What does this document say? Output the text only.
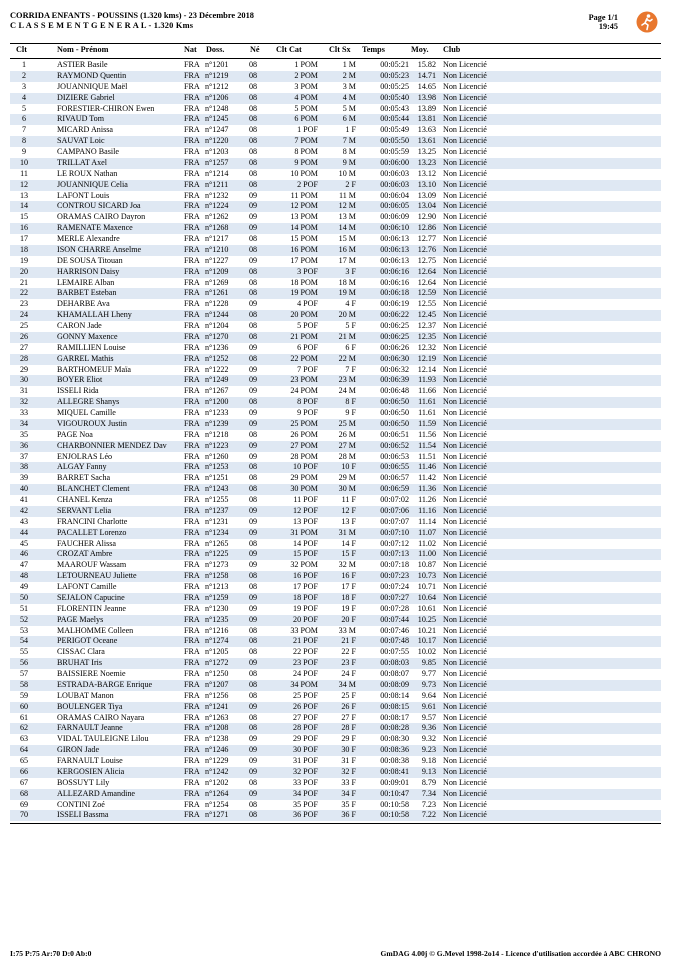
CORRIDA ENFANTS - POUSSINS (1.320 kms) - 23 Décembre 2018
C L A S S E M E N T G E N E R A L - 1.320 Kms
Page 1/1
19:45
Clt	Nom - Prénom	Nat Doss.	Né Clt Cat	Clt Sx Temps	Moy. Club
1	ASTIER Basile	FRA n°1201	08	1 POM	1 M	00:05:21	15.82 Non Licencié
2	RAYMOND Quentin	FRA n°1219	08	2 POM	2 M	00:05:23	14.71 Non Licencié
3	JOUANNIQUE Maël	FRA n°1212	08	3 POM	3 M	00:05:25	14.65 Non Licencié
4	DIZIERE Gabriel	FRA n°1206	08	4 POM	4 M	00:05:40	13.98 Non Licencié
5	FORESTIER-CHIRON Ewen	FRA n°1248	08	5 POM	5 M	00:05:43	13.89 Non Licencié
6	RIVAUD Tom	FRA n°1245	08	6 POM	6 M	00:05:44	13.81 Non Licencié
7	MICARD Anissa	FRA n°1247	08	1 POF	1 F	00:05:49	13.63 Non Licencié
8	SAUVAT Loic	FRA n°1220	08	7 POM	7 M	00:05:50	13.61 Non Licencié
9	CAMPANO Basile	FRA n°1203	08	8 POM	8 M	00:05:59	13.25 Non Licencié
10	TRILLAT Axel	FRA n°1257	08	9 POM	9 M	00:06:00	13.23 Non Licencié
11	LE ROUX Nathan	FRA n°1214	08	10 POM	10 M	00:06:03	13.12 Non Licencié
12	JOUANNIQUE Celia	FRA n°1211	08	2 POF	2 F	00:06:03	13.10 Non Licencié
13	LAFONT Louis	FRA n°1232	09	11 POM	11 M	00:06:04	13.09 Non Licencié
14	CONTROU SICARD Joa	FRA n°1224	09	12 POM	12 M	00:06:05	13.04 Non Licencié
15	ORAMAS CAIRO Dayron	FRA n°1262	09	13 POM	13 M	00:06:09	12.90 Non Licencié
16	RAMENATE Maxence	FRA n°1268	09	14 POM	14 M	00:06:10	12.86 Non Licencié
17	MERLE Alexandre	FRA n°1217	08	15 POM	15 M	00:06:13	12.77 Non Licencié
18	ISON CHARRE Anselme	FRA n°1210	08	16 POM	16 M	00:06:13	12.76 Non Licencié
19	DE SOUSA Titouan	FRA n°1227	09	17 POM	17 M	00:06:13	12.75 Non Licencié
20	HARRISON Daisy	FRA n°1209	08	3 POF	3 F	00:06:16	12.64 Non Licencié
21	LEMAIRE Alban	FRA n°1269	08	18 POM	18 M	00:06:16	12.64 Non Licencié
22	BARBET Esteban	FRA n°1261	08	19 POM	19 M	00:06:18	12.59 Non Licencié
23	DEHARBE Ava	FRA n°1228	09	4 POF	4 F	00:06:19	12.55 Non Licencié
24	KHAMALLAH Lheny	FRA n°1244	08	20 POM	20 M	00:06:22	12.45 Non Licencié
25	CARON Jade	FRA n°1204	08	5 POF	5 F	00:06:25	12.37 Non Licencié
26	GONNY Maxence	FRA n°1270	08	21 POM	21 M	00:06:25	12.35 Non Licencié
27	RAMILLIEN Louise	FRA n°1236	09	6 POF	6 F	00:06:26	12.32 Non Licencié
28	GARREL Mathis	FRA n°1252	08	22 POM	22 M	00:06:30	12.19 Non Licencié
29	BARTHOMEUF Maïa	FRA n°1222	09	7 POF	7 F	00:06:32	12.14 Non Licencié
30	BOYER Eliot	FRA n°1249	09	23 POM	23 M	00:06:39	11.93 Non Licencié
31	ISSELI Rida	FRA n°1267	09	24 POM	24 M	00:06:48	11.66 Non Licencié
32	ALLEGRE Shanys	FRA n°1200	08	8 POF	8 F	00:06:50	11.61 Non Licencié
33	MIQUEL Camille	FRA n°1233	09	9 POF	9 F	00:06:50	11.61 Non Licencié
34	VIGOUROUX Justin	FRA n°1239	09	25 POM	25 M	00:06:50	11.59 Non Licencié
35	PAGE Noa	FRA n°1218	08	26 POM	26 M	00:06:51	11.56 Non Licencié
36	CHARBONNIER MENDEZ Dav	FRA n°1223	09	27 POM	27 M	00:06:52	11.54 Non Licencié
37	ENJOLRAS Léo	FRA n°1260	09	28 POM	28 M	00:06:53	11.51 Non Licencié
38	ALGAY Fanny	FRA n°1253	08	10 POF	10 F	00:06:55	11.46 Non Licencié
39	BARRET Sacha	FRA n°1251	08	29 POM	29 M	00:06:57	11.42 Non Licencié
40	BLANCHET Clement	FRA n°1243	08	30 POM	30 M	00:06:59	11.36 Non Licencié
41	CHANEL Kenza	FRA n°1255	08	11 POF	11 F	00:07:02	11.26 Non Licencié
42	SERVANT Lelia	FRA n°1237	09	12 POF	12 F	00:07:06	11.16 Non Licencié
43	FRANCINI Charlotte	FRA n°1231	09	13 POF	13 F	00:07:07	11.14 Non Licencié
44	PACALLET Lorenzo	FRA n°1234	09	31 POM	31 M	00:07:10	11.07 Non Licencié
45	FAUCHER Alissa	FRA n°1265	08	14 POF	14 F	00:07:12	11.02 Non Licencié
46	CROZAT Ambre	FRA n°1225	09	15 POF	15 F	00:07:13	11.00 Non Licencié
47	MAAROUF Wassam	FRA n°1273	09	32 POM	32 M	00:07:18	10.87 Non Licencié
48	LETOURNEAU Juliette	FRA n°1258	08	16 POF	16 F	00:07:23	10.73 Non Licencié
49	LAFONT Camille	FRA n°1213	08	17 POF	17 F	00:07:24	10.71 Non Licencié
50	SEJALON Capucine	FRA n°1259	09	18 POF	18 F	00:07:27	10.64 Non Licencié
51	FLORENTIN Jeanne	FRA n°1230	09	19 POF	19 F	00:07:28	10.61 Non Licencié
52	PAGE Maelys	FRA n°1235	09	20 POF	20 F	00:07:44	10.25 Non Licencié
53	MALHOMME Colleen	FRA n°1216	08	33 POM	33 M	00:07:46	10.21 Non Licencié
54	PERIGOT Oceane	FRA n°1274	08	21 POF	21 F	00:07:48	10.17 Non Licencié
55	CISSAC Clara	FRA n°1205	08	22 POF	22 F	00:07:55	10.02 Non Licencié
56	BRUHAT Iris	FRA n°1272	09	23 POF	23 F	00:08:03	9.85 Non Licencié
57	BAISSIERE Noemie	FRA n°1250	08	24 POF	24 F	00:08:07	9.77 Non Licencié
58	ESTRADA-BARGE Enrique	FRA n°1207	08	34 POM	34 M	00:08:09	9.73 Non Licencié
59	LOUBAT Manon	FRA n°1256	08	25 POF	25 F	00:08:14	9.64 Non Licencié
60	BOULENGER Tiya	FRA n°1241	09	26 POF	26 F	00:08:15	9.61 Non Licencié
61	ORAMAS CAIRO Nayara	FRA n°1263	08	27 POF	27 F	00:08:17	9.57 Non Licencié
62	FARNAULT Jeanne	FRA n°1208	08	28 POF	28 F	00:08:28	9.36 Non Licencié
63	VIDAL TAULEIGNE Lilou	FRA n°1238	09	29 POF	29 F	00:08:30	9.32 Non Licencié
64	GIRON Jade	FRA n°1246	09	30 POF	30 F	00:08:36	9.23 Non Licencié
65	FARNAULT Louise	FRA n°1229	09	31 POF	31 F	00:08:38	9.18 Non Licencié
66	KERGOSIEN Alicia	FRA n°1242	09	32 POF	32 F	00:08:41	9.13 Non Licencié
67	BOSSUYT Lily	FRA n°1202	08	33 POF	33 F	00:09:01	8.79 Non Licencié
68	ALLEZARD Amandine	FRA n°1264	09	34 POF	34 F	00:10:47	7.34 Non Licencié
69	CONTINI Zoé	FRA n°1254	08	35 POF	35 F	00:10:58	7.23 Non Licencié
70	ISSELI Bassma	FRA n°1271	08	36 POF	36 F	00:10:58	7.22 Non Licencié
I:75 P:75 Ar:70 D:0 Ab:0	GmDAG 4.00j © G.Mevel 1998-2o14 - Licence d'utilisation accordée à ABC CHRONO
